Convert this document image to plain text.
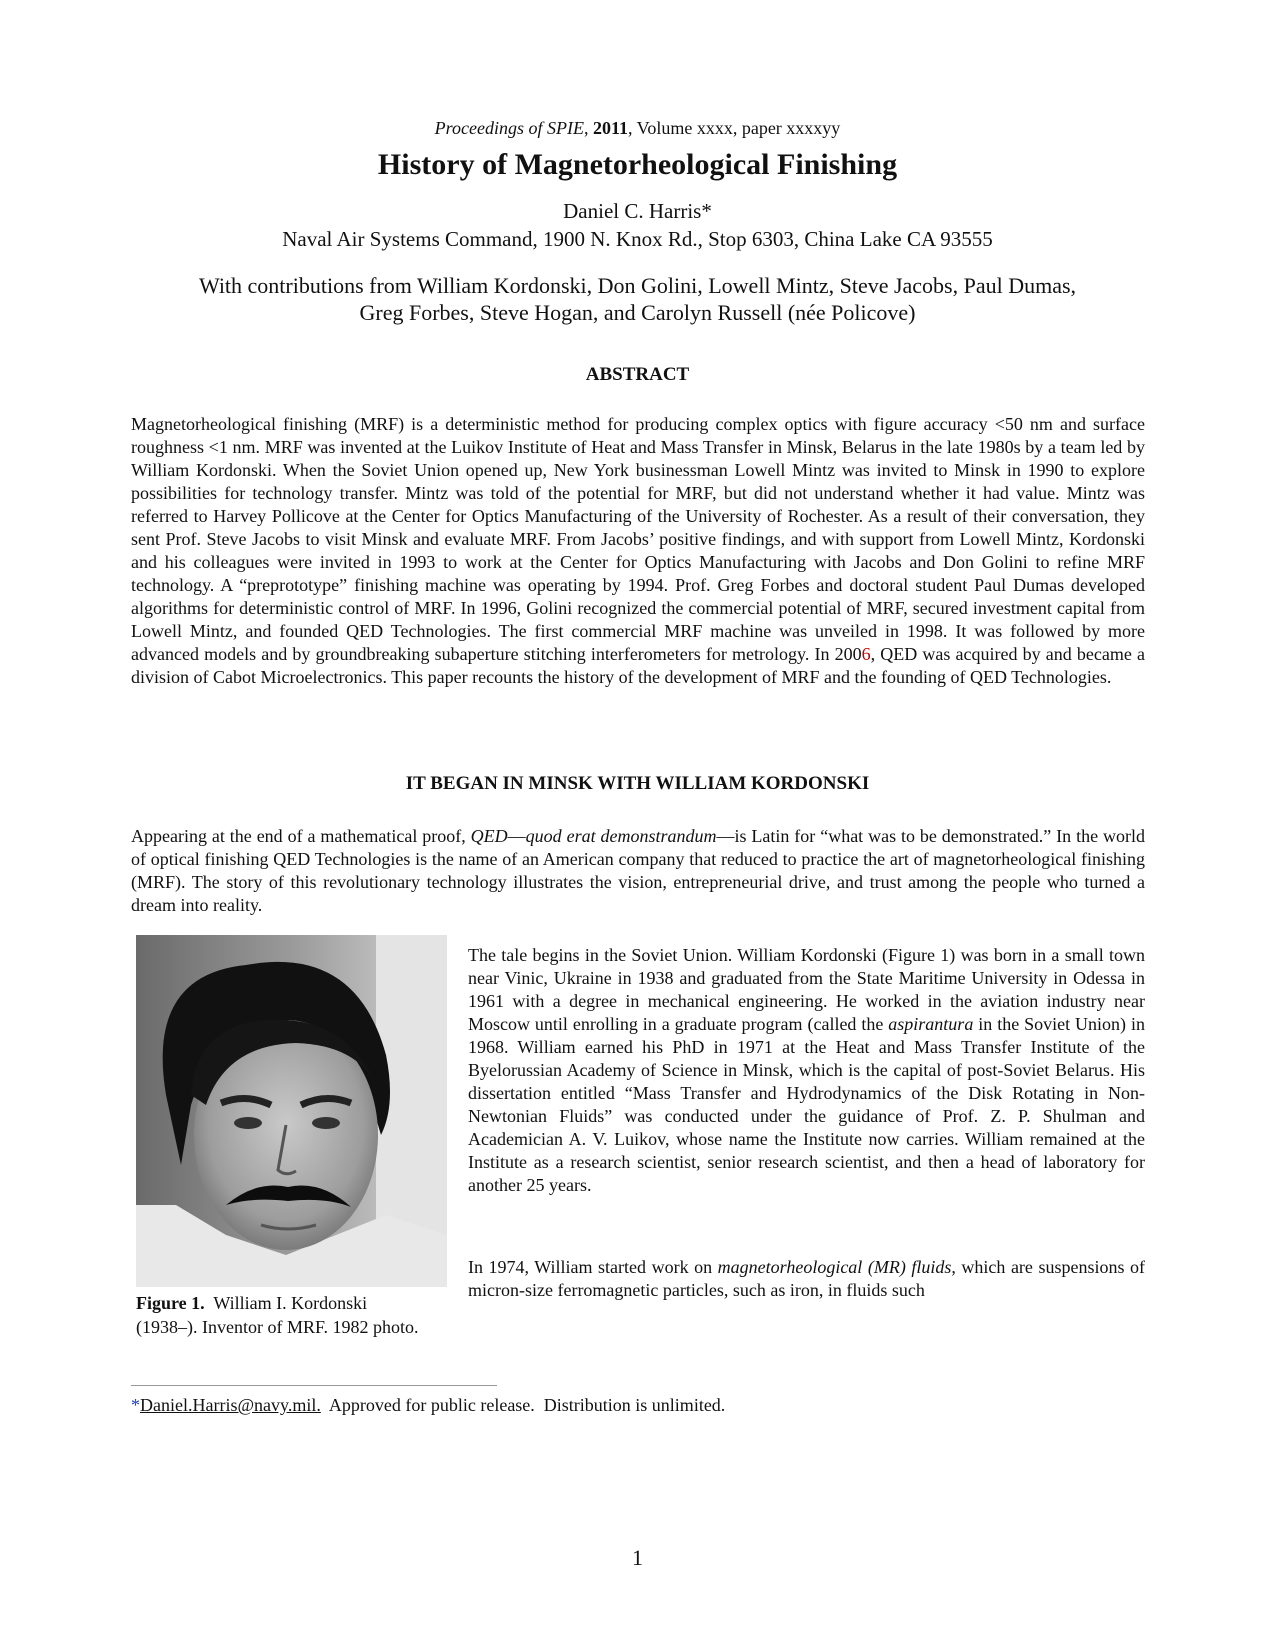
Proceedings of SPIE, 2011, Volume xxxx, paper xxxxyy
History of Magnetorheological Finishing
Daniel C. Harris*
Naval Air Systems Command, 1900 N. Knox Rd., Stop 6303, China Lake CA 93555
With contributions from William Kordonski, Don Golini, Lowell Mintz, Steve Jacobs, Paul Dumas,
Greg Forbes, Steve Hogan, and Carolyn Russell (née Policove)
ABSTRACT
Magnetorheological finishing (MRF) is a deterministic method for producing complex optics with figure accuracy <50 nm and surface roughness <1 nm. MRF was invented at the Luikov Institute of Heat and Mass Transfer in Minsk, Belarus in the late 1980s by a team led by William Kordonski. When the Soviet Union opened up, New York businessman Lowell Mintz was invited to Minsk in 1990 to explore possibilities for technology transfer. Mintz was told of the potential for MRF, but did not understand whether it had value. Mintz was referred to Harvey Pollicove at the Center for Optics Manufacturing of the University of Rochester. As a result of their conversation, they sent Prof. Steve Jacobs to visit Minsk and evaluate MRF. From Jacobs’ positive findings, and with support from Lowell Mintz, Kordonski and his colleagues were invited in 1993 to work at the Center for Optics Manufacturing with Jacobs and Don Golini to refine MRF technology. A “preprototype” finishing machine was operating by 1994. Prof. Greg Forbes and doctoral student Paul Dumas developed algorithms for deterministic control of MRF. In 1996, Golini recognized the commercial potential of MRF, secured investment capital from Lowell Mintz, and founded QED Technologies. The first commercial MRF machine was unveiled in 1998. It was followed by more advanced models and by groundbreaking subaperture stitching interferometers for metrology. In 2006, QED was acquired by and became a division of Cabot Microelectronics. This paper recounts the history of the development of MRF and the founding of QED Technologies.
IT BEGAN IN MINSK WITH WILLIAM KORDONSKI
Appearing at the end of a mathematical proof, QED―quod erat demonstrandum―is Latin for “what was to be demonstrated.” In the world of optical finishing QED Technologies is the name of an American company that reduced to practice the art of magnetorheological finishing (MRF). The story of this revolutionary technology illustrates the vision, entrepreneurial drive, and trust among the people who turned a dream into reality.
The tale begins in the Soviet Union. William Kordonski (Figure 1) was born in a small town near Vinic, Ukraine in 1938 and graduated from the State Maritime University in Odessa in 1961 with a degree in mechanical engineering. He worked in the aviation industry near Moscow until enrolling in a graduate program (called the aspirantura in the Soviet Union) in 1968. William earned his PhD in 1971 at the Heat and Mass Transfer Institute of the Byelorussian Academy of Science in Minsk, which is the capital of post-Soviet Belarus. His dissertation entitled “Mass Transfer and Hydrodynamics of the Disk Rotating in Non-Newtonian Fluids” was conducted under the guidance of Prof. Z. P. Shulman and Academician A. V. Luikov, whose name the Institute now carries. William remained at the Institute as a research scientist, senior research scientist, and then a head of laboratory for another 25 years.
In 1974, William started work on magnetorheological (MR) fluids, which are suspensions of micron-size ferromagnetic particles, such as iron, in fluids such
Figure 1.  William I. Kordonski
(1938–). Inventor of MRF. 1982 photo.
*Daniel.Harris@navy.mil.  Approved for public release.  Distribution is unlimited.
1
